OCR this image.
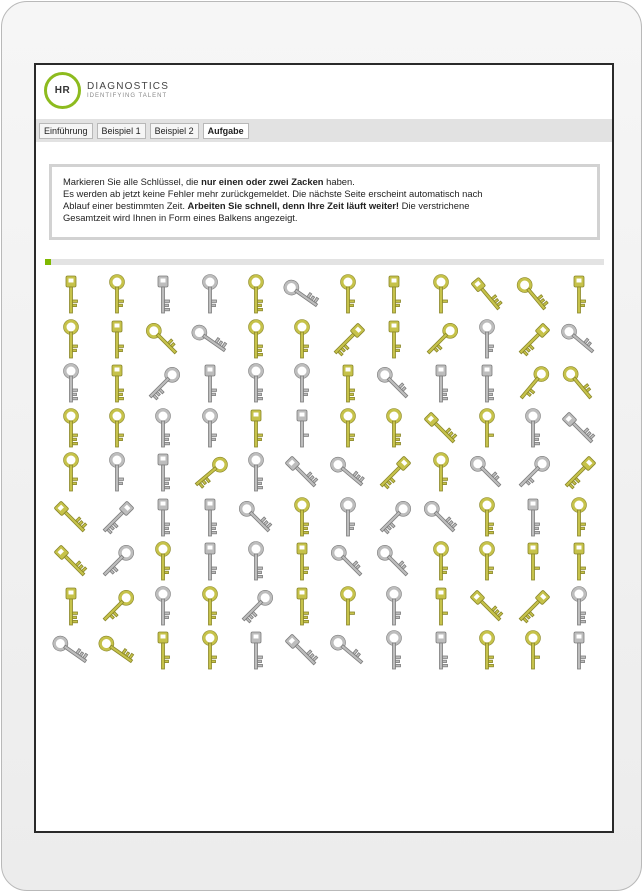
HR DIAGNOSTICS
IDENTIFYING TALENT
Einführung	Beispiel 1	Beispiel 2	Aufgabe

Markieren Sie alle Schlüssel, die nur einen oder zwei Zacken haben.

Es werden ab jetzt keine Fehler mehr zurückgemeldet. Die nächste Seite erscheint automatisch nach

Ablauf einer bestimmten Zeit. Arbeiten Sie schnell, denn Ihre Zeit läuft weiter! Die verstrichene

Gesamtzeit wird Ihnen in Form eines Balkens angezeigt.
